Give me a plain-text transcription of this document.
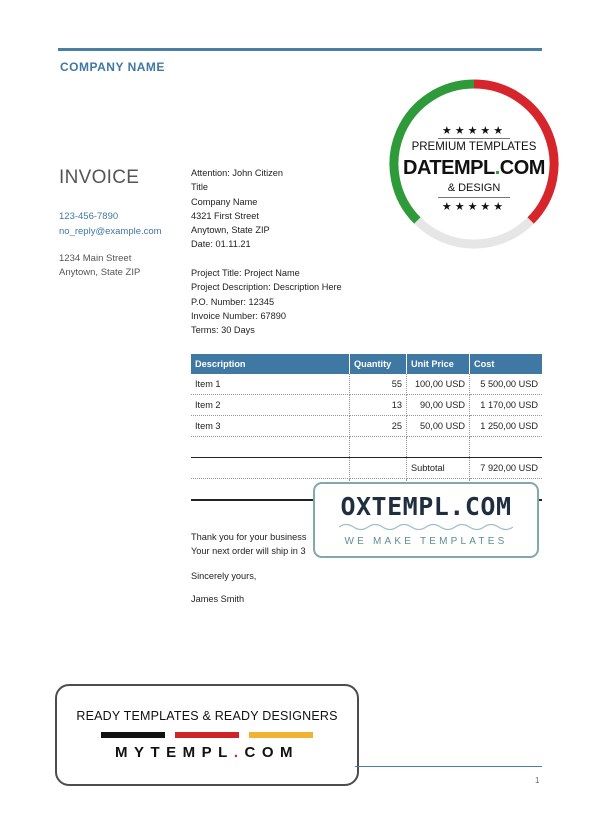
COMPANY NAME
INVOICE
123-456-7890
no_reply@example.com
1234 Main Street
Anytown, State ZIP
Attention: John Citizen
Title
Company Name
4321 First Street
Anytown, State ZIP
Date: 01.11.21
Project Title: Project Name
Project Description: Description Here
P.O. Number: 12345
Invoice Number: 67890
Terms: 30 Days
Description	Quantity	Unit Price	Cost
Item 1	55	100,00 USD	5 500,00 USD
Item 2	13	90,00 USD	1 170,00 USD
Item 3	25	50,00 USD	1 250,00 USD

		Subtotal	7 920,00 USD

Thank you for your business
Your next order will ship in 3
Sincerely yours,
James Smith
★★★★★
PREMIUM TEMPLATES
DATEMPL.COM
& DESIGN
★★★★★
OXTEMPL.COM
WE MAKE TEMPLATES
READY TEMPLATES & READY DESIGNERS
MYTEMPL.COM
1
